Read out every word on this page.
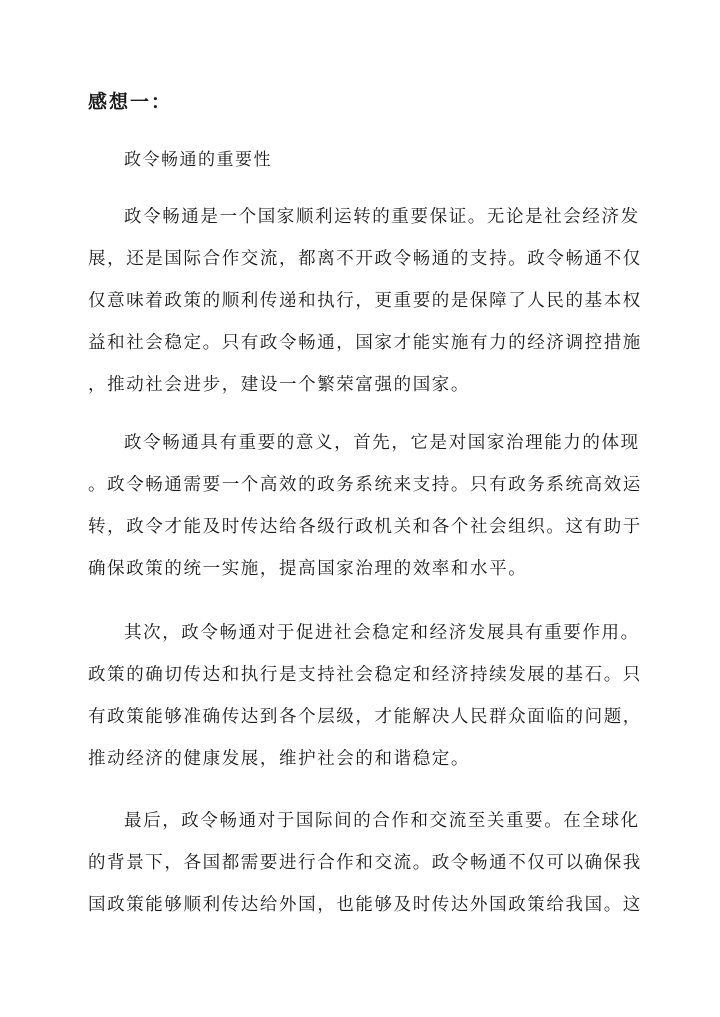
感想一：
政令畅通的重要性
政令畅通是一个国家顺利运转的重要保证。无论是社会经济发
展，还是国际合作交流，都离不开政令畅通的支持。政令畅通不仅
仅意味着政策的顺利传递和执行，更重要的是保障了人民的基本权
益和社会稳定。只有政令畅通，国家才能实施有力的经济调控措施
，推动社会进步，建设一个繁荣富强的国家。
政令畅通具有重要的意义，首先，它是对国家治理能力的体现
。政令畅通需要一个高效的政务系统来支持。只有政务系统高效运
转，政令才能及时传达给各级行政机关和各个社会组织。这有助于
确保政策的统一实施，提高国家治理的效率和水平。
其次，政令畅通对于促进社会稳定和经济发展具有重要作用。
政策的确切传达和执行是支持社会稳定和经济持续发展的基石。只
有政策能够准确传达到各个层级，才能解决人民群众面临的问题，
推动经济的健康发展，维护社会的和谐稳定。
最后，政令畅通对于国际间的合作和交流至关重要。在全球化
的背景下，各国都需要进行合作和交流。政令畅通不仅可以确保我
国政策能够顺利传达给外国，也能够及时传达外国政策给我国。这
